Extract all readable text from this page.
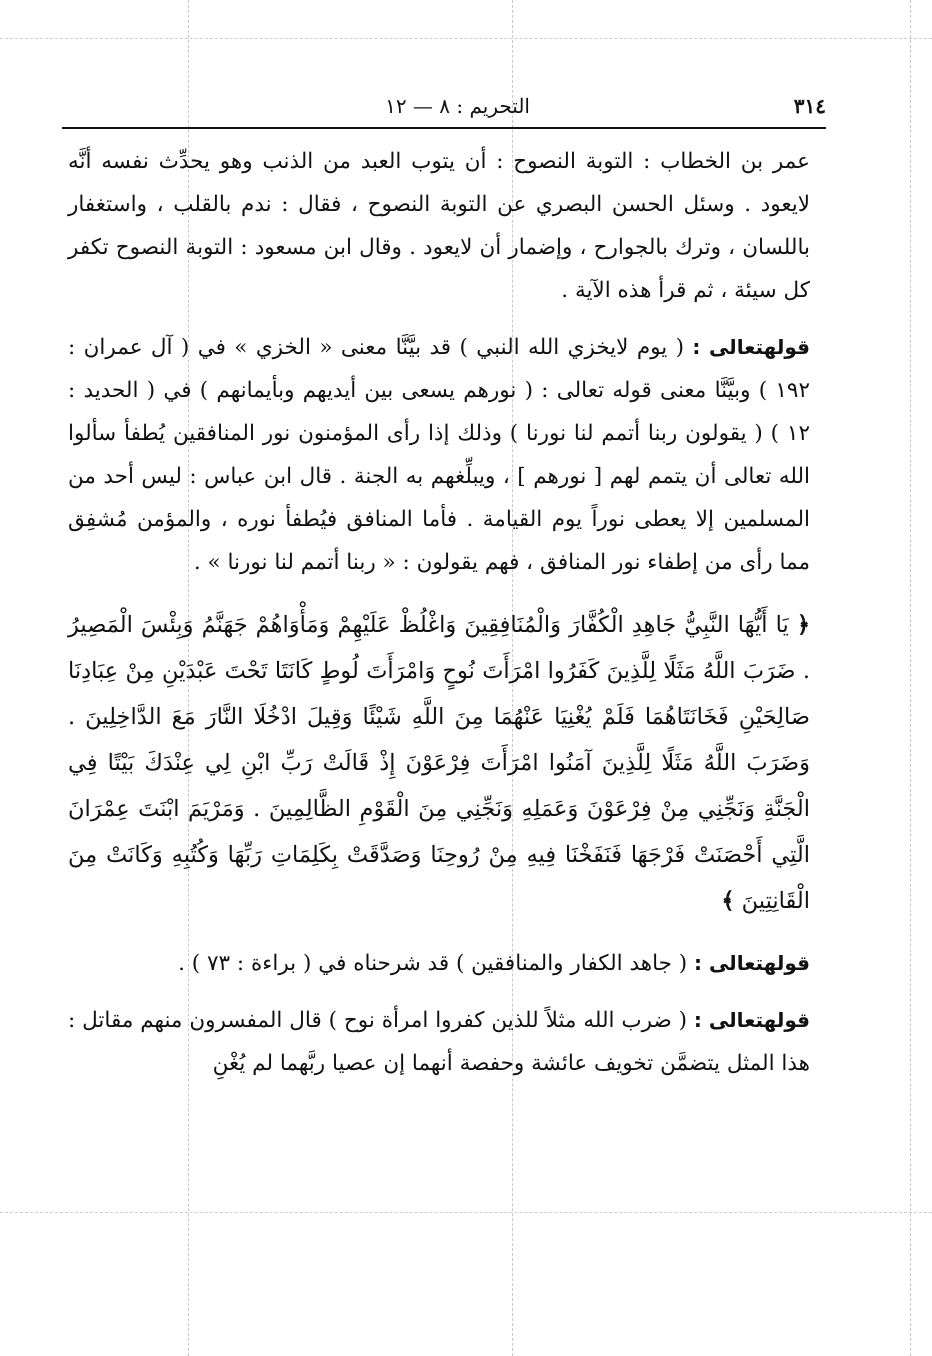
٣١٤
التحريم : ٨ — ١٢

عمر بن الخطاب : التوبة النصوح : أن يتوب العبد من الذنب وهو يحدِّث نفسه أنَّه لايعود . وسئل الحسن البصري عن التوبة النصوح ، فقال : ندم بالقلب ، واستغفار باللسان ، وترك بالجوارح ، وإضمار أن لايعود . وقال ابن مسعود : التوبة النصوح تكفر كل سيئة ، ثم قرأ هذه الآية .

قولهتعالى : ( يوم لايخزي الله النبي ) قد بيَّنَّا معنى « الخزي » في ( آل عمران : ١٩٢ ) وبيَّنَّا معنى قوله تعالى : ( نورهم يسعى بين أيديهم وبأيمانهم ) في ( الحديد : ١٢ ) ( يقولون ربنا أتمم لنا نورنا ) وذلك إذا رأى المؤمنون نور المنافقين يُطفأ سألوا الله تعالى أن يتمم لهم [ نورهم ] ، ويبلِّغهم به الجنة . قال ابن عباس : ليس أحد من المسلمين إلا يعطى نوراً يوم القيامة . فأما المنافق فيُطفأ نوره ، والمؤمن مُشفِق مما رأى من إطفاء نور المنافق ، فهم يقولون : « ربنا أتمم لنا نورنا » .

﴿ يَا أَيُّهَا النَّبِيُّ جَاهِدِ الْكُفَّارَ وَالْمُنَافِقِينَ وَاغْلُظْ عَلَيْهِمْ وَمَأْوَاهُمْ جَهَنَّمُ وَبِئْسَ الْمَصِيرُ . ضَرَبَ اللَّهُ مَثَلًا لِلَّذِينَ كَفَرُوا امْرَأَتَ نُوحٍ وَامْرَأَتَ لُوطٍ كَانَتَا تَحْتَ عَبْدَيْنِ مِنْ عِبَادِنَا صَالِحَيْنِ فَخَانَتَاهُمَا فَلَمْ يُغْنِيَا عَنْهُمَا مِنَ اللَّهِ شَيْئًا وَقِيلَ ادْخُلَا النَّارَ مَعَ الدَّاخِلِينَ . وَضَرَبَ اللَّهُ مَثَلًا لِلَّذِينَ آمَنُوا امْرَأَتَ فِرْعَوْنَ إِذْ قَالَتْ رَبِّ ابْنِ لِي عِنْدَكَ بَيْتًا فِي الْجَنَّةِ وَنَجِّنِي مِنْ فِرْعَوْنَ وَعَمَلِهِ وَنَجِّنِي مِنَ الْقَوْمِ الظَّالِمِينَ . وَمَرْيَمَ ابْنَتَ عِمْرَانَ الَّتِي أَحْصَنَتْ فَرْجَهَا فَنَفَخْنَا فِيهِ مِنْ رُوحِنَا وَصَدَّقَتْ بِكَلِمَاتِ رَبِّهَا وَكُتُبِهِ وَكَانَتْ مِنَ الْقَانِتِينَ ﴾

قولهتعالى : ( جاهد الكفار والمنافقين ) قد شرحناه في ( براءة : ٧٣ ) .

قولهتعالى : ( ضرب الله مثلاً للذين كفروا امرأة نوح ) قال المفسرون منهم مقاتل : هذا المثل يتضمَّن تخويف عائشة وحفصة أنهما إن عصيا ربَّهما لم يُغْنِ
